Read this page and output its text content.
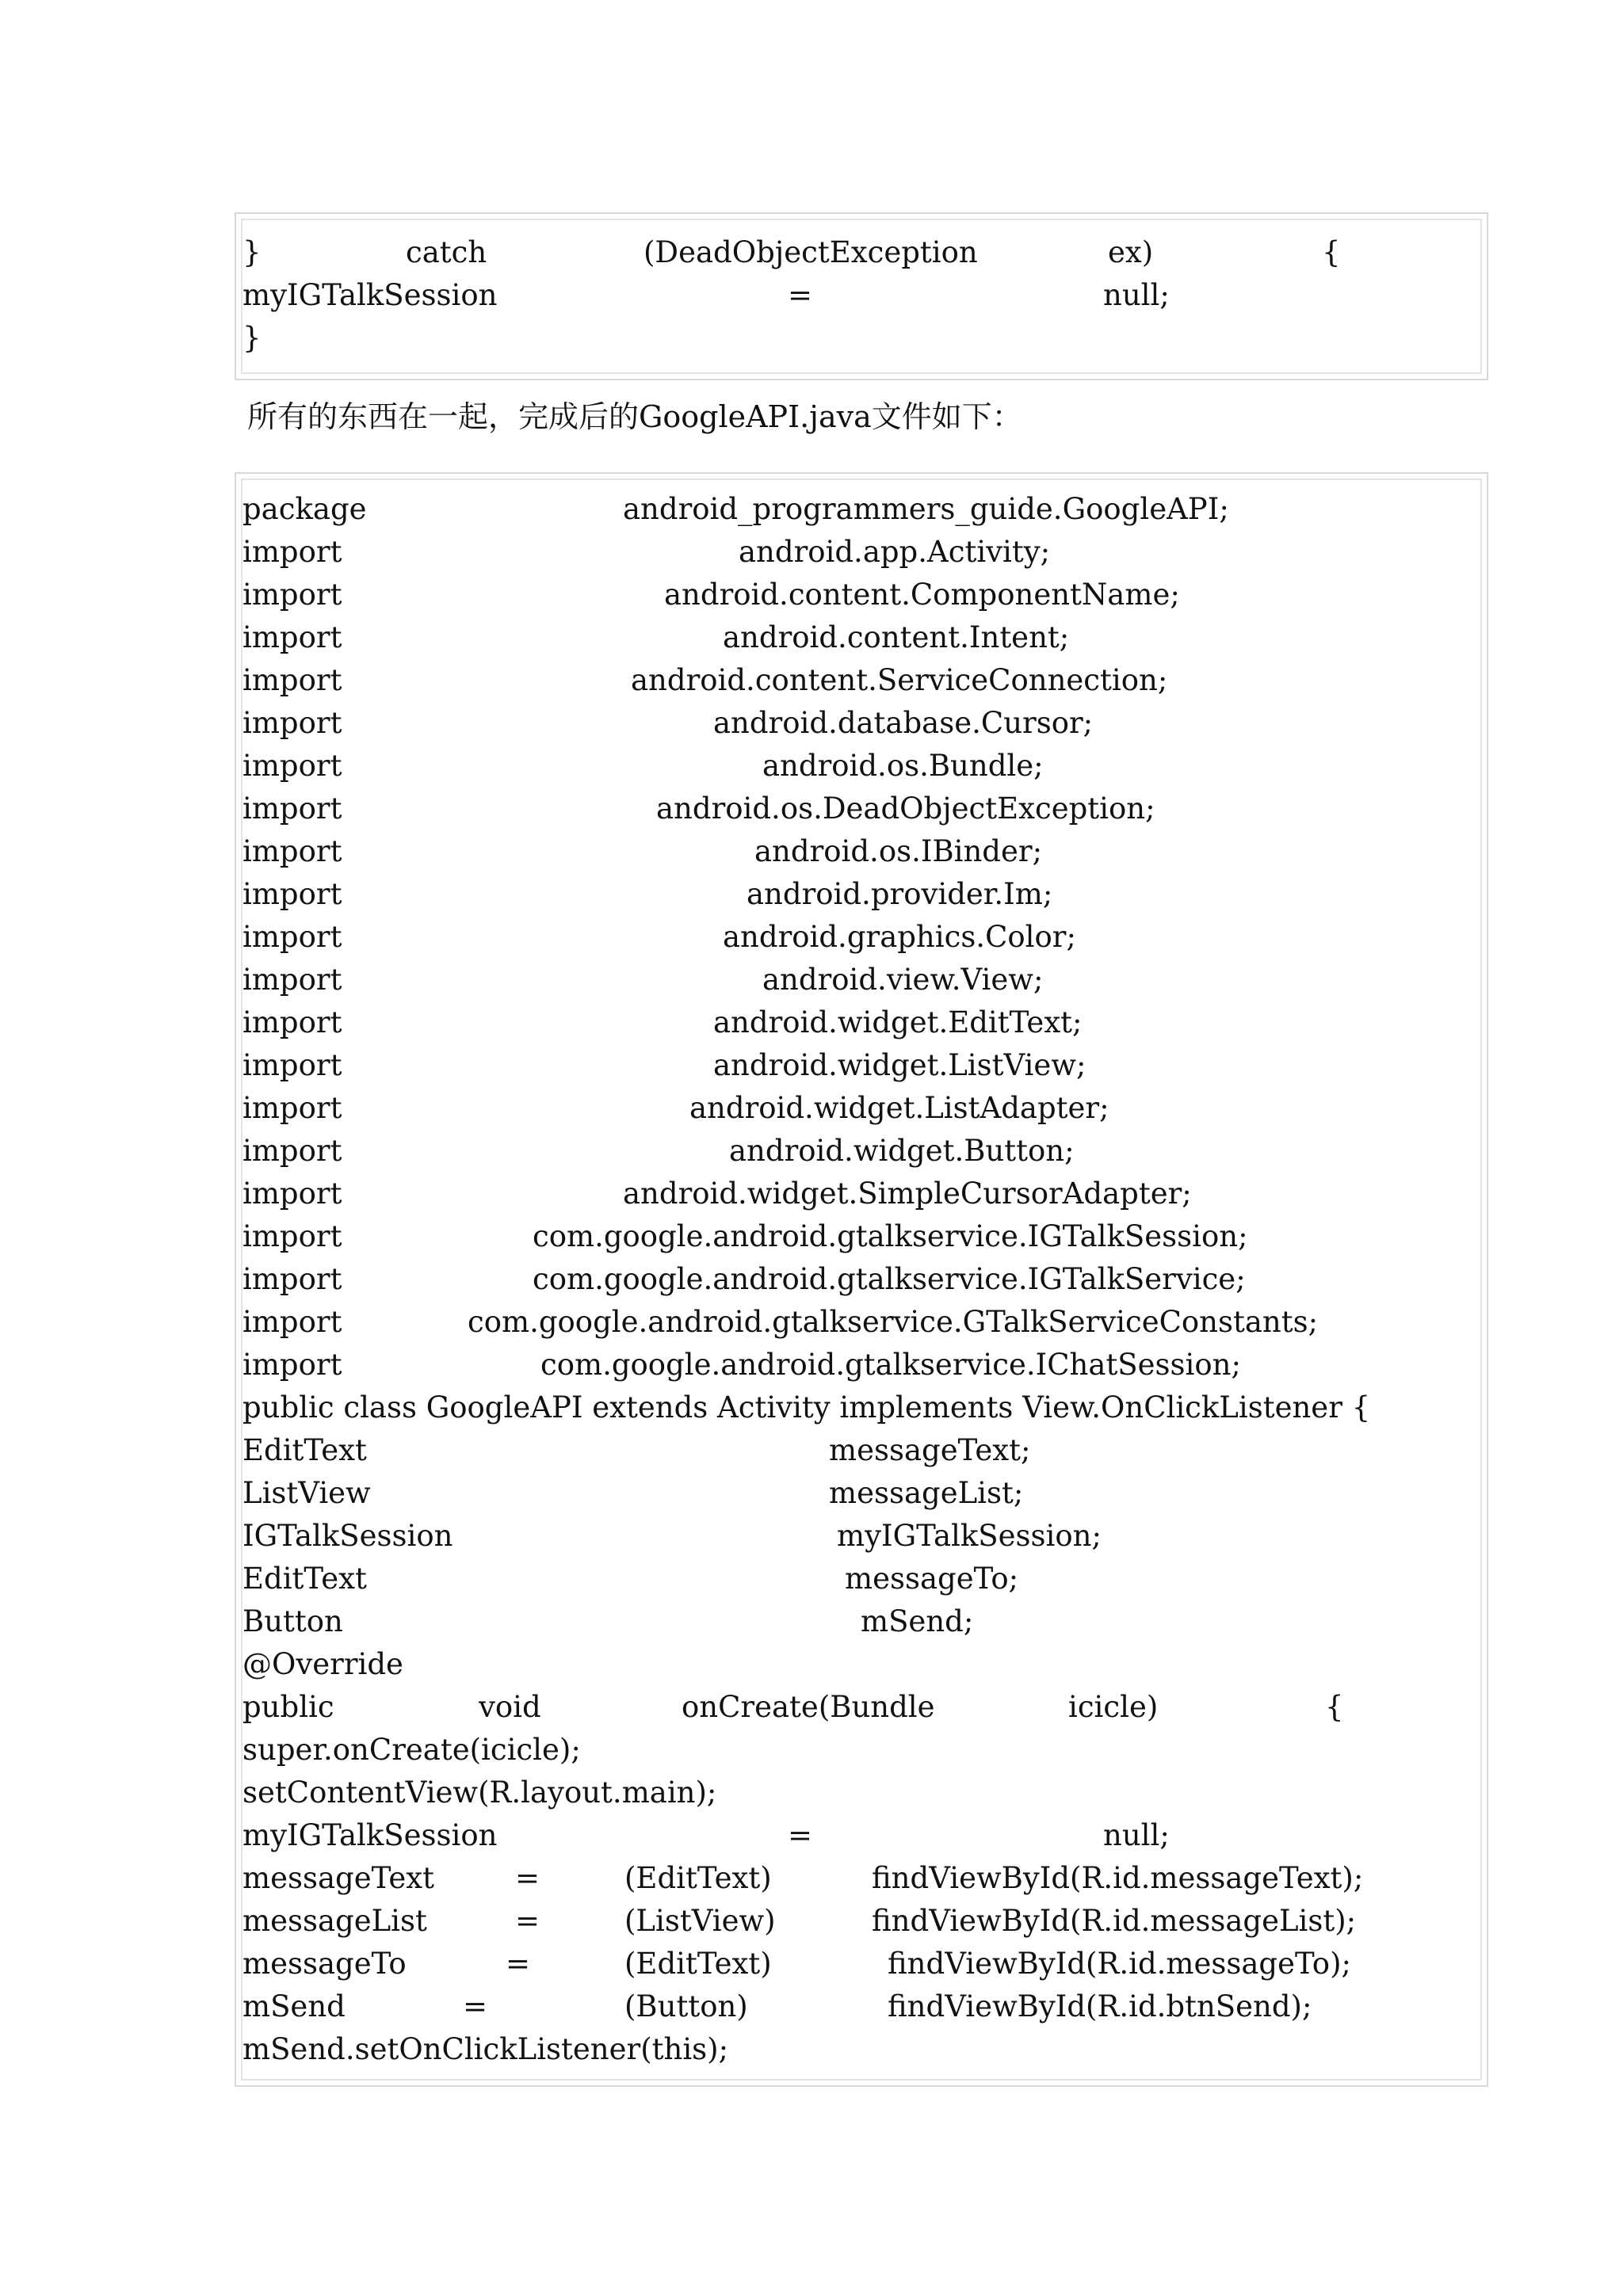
}

	catch

	(DeadObjectException

	ex)

	{

myIGTalkSession

	=

	null;

}

所有的东西在一起，完成后的GoogleAPI.java文件如下：

package

	android_programmers_guide.GoogleAPI;

import

	android.app.Activity;

import

	android.content.ComponentName;

import

	android.content.Intent;

import

	android.content.ServiceConnection;

import

	android.database.Cursor;

import

	android.os.Bundle;

import

	android.os.DeadObjectException;

import

	android.os.IBinder;

import

	android.provider.Im;

import

	android.graphics.Color;

import

	android.view.View;

import

	android.widget.EditText;

import

	android.widget.ListView;

import

	android.widget.ListAdapter;

import

	android.widget.Button;

import

	android.widget.SimpleCursorAdapter;

import

	com.google.android.gtalkservice.IGTalkSession;

import

	com.google.android.gtalkservice.IGTalkService;

import

	com.google.android.gtalkservice.GTalkServiceConstants;

import

	com.google.android.gtalkservice.IChatSession;

public class GoogleAPI extends Activity implements View.OnClickListener {

EditText

	messageText;

ListView

	messageList;

IGTalkSession

	myIGTalkSession;

EditText

	messageTo;

Button

	mSend;

@Override

public

	void

	onCreate(Bundle

	icicle)

	{

super.onCreate(icicle);

setContentView(R.layout.main);

myIGTalkSession

	=

	null;

messageText

	=

	(EditText)

	findViewById(R.id.messageText);

messageList

	=

	(ListView)

	findViewById(R.id.messageList);

messageTo

	=

	(EditText)

	findViewById(R.id.messageTo);

mSend

	=

	(Button)

	findViewById(R.id.btnSend);

mSend.setOnClickListener(this);
